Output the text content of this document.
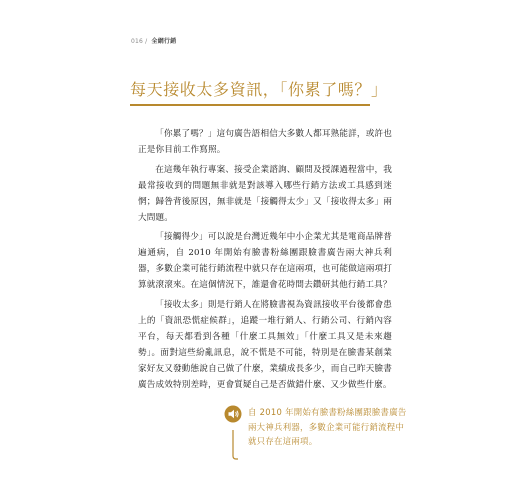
016 / 全網行銷
每天接收太多資訊，「你累了嗎？」

「你累了嗎？」這句廣告語相信大多數人都耳熟能詳，或許也正是你目前工作寫照。

在這幾年執行專案、接受企業諮詢、顧問及授課過程當中，我最常接收到的問題無非就是對該導入哪些行銷方法或工具感到迷惘；歸咎背後原因，無非就是「接觸得太少」又「接收得太多」兩大問題。

「接觸得少」可以說是台灣近幾年中小企業尤其是電商品牌普遍通病，自 2010 年開始有臉書粉絲團跟臉書廣告兩大神兵利器，多數企業可能行銷流程中就只存在這兩項，也可能做這兩項打算就滾滾來。在這個情況下，誰還會花時間去鑽研其他行銷工具？

「接收太多」則是行銷人在將臉書視為資訊接收平台後都會患上的「資訊恐慌症候群」，追蹤一堆行銷人、行銷公司、行銷內容平台，每天都看到各種「什麼工具無效」「什麼工具又是未來趨勢」。面對這些紛亂訊息，說不慌是不可能，特別是在臉書某創業家好友又發動態說自己做了什麼，業績成長多少，而自己昨天臉書廣告成效特別差時，更會質疑自己是否做錯什麼、又少做些什麼。

自 2010 年開始有臉書粉絲團跟臉書廣告兩大神兵利器，多數企業可能行銷流程中就只存在這兩項。
